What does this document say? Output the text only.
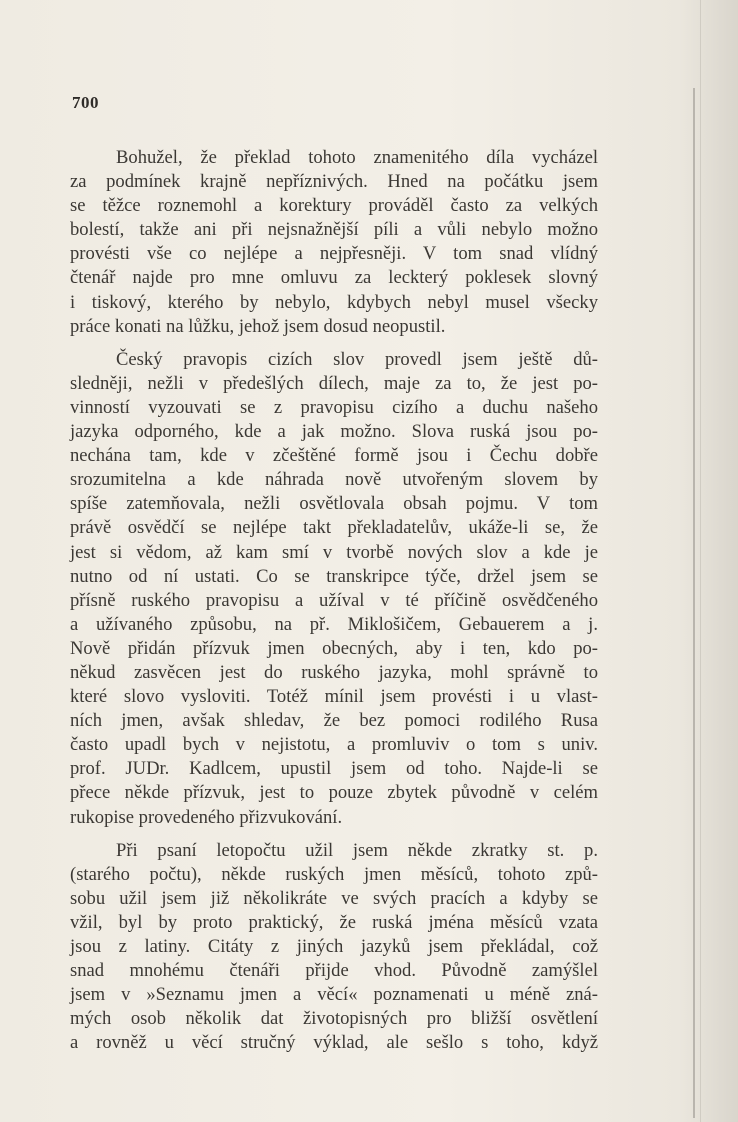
700

Bohužel, že překlad tohoto znamenitého díla vycházel
za podmínek krajně nepříznivých. Hned na počátku jsem
se těžce roznemohl a korektury prováděl často za velkých
bolestí, takže ani při nejsnažnější píli a vůli nebylo možno
provésti vše co nejlépe a nejpřesněji. V tom snad vlídný
čtenář najde pro mne omluvu za leckterý poklesek slovný
i tiskový, kterého by nebylo, kdybych nebyl musel všecky
práce konati na lůžku, jehož jsem dosud neopustil.

Český pravopis cizích slov provedl jsem ještě dů-
sledněji, nežli v předešlých dílech, maje za to, že jest po-
vinností vyzouvati se z pravopisu cizího a duchu našeho
jazyka odporného, kde a jak možno. Slova ruská jsou po-
nechána tam, kde v zčeštěné formě jsou i Čechu dobře
srozumitelna a kde náhrada nově utvořeným slovem by
spíše zatemňovala, nežli osvětlovala obsah pojmu. V tom
právě osvědčí se nejlépe takt překladatelův, ukáže-li se, že
jest si vědom, až kam smí v tvorbě nových slov a kde je
nutno od ní ustati. Co se transkripce týče, držel jsem se
přísně ruského pravopisu a užíval v té příčině osvědčeného
a užívaného způsobu, na př. Miklošičem, Gebauerem a j.
Nově přidán přízvuk jmen obecných, aby i ten, kdo po-
někud zasvěcen jest do ruského jazyka, mohl správně to
které slovo vysloviti. Totéž mínil jsem provésti i u vlast-
ních jmen, avšak shledav, že bez pomoci rodilého Rusa
často upadl bych v nejistotu, a promluviv o tom s univ.
prof. JUDr. Kadlcem, upustil jsem od toho. Najde-li se
přece někde přízvuk, jest to pouze zbytek původně v celém
rukopise provedeného přizvukování.

Při psaní letopočtu užil jsem někde zkratky st. p.
(starého počtu), někde ruských jmen měsíců, tohoto způ-
sobu užil jsem již několikráte ve svých pracích a kdyby se
vžil, byl by proto praktický, že ruská jména měsíců vzata
jsou z latiny. Citáty z jiných jazyků jsem překládal, což
snad mnohému čtenáři přijde vhod. Původně zamýšlel
jsem v »Seznamu jmen a věcí« poznamenati u méně zná-
mých osob několik dat životopisných pro bližší osvětlení
a rovněž u věcí stručný výklad, ale sešlo s toho, když
